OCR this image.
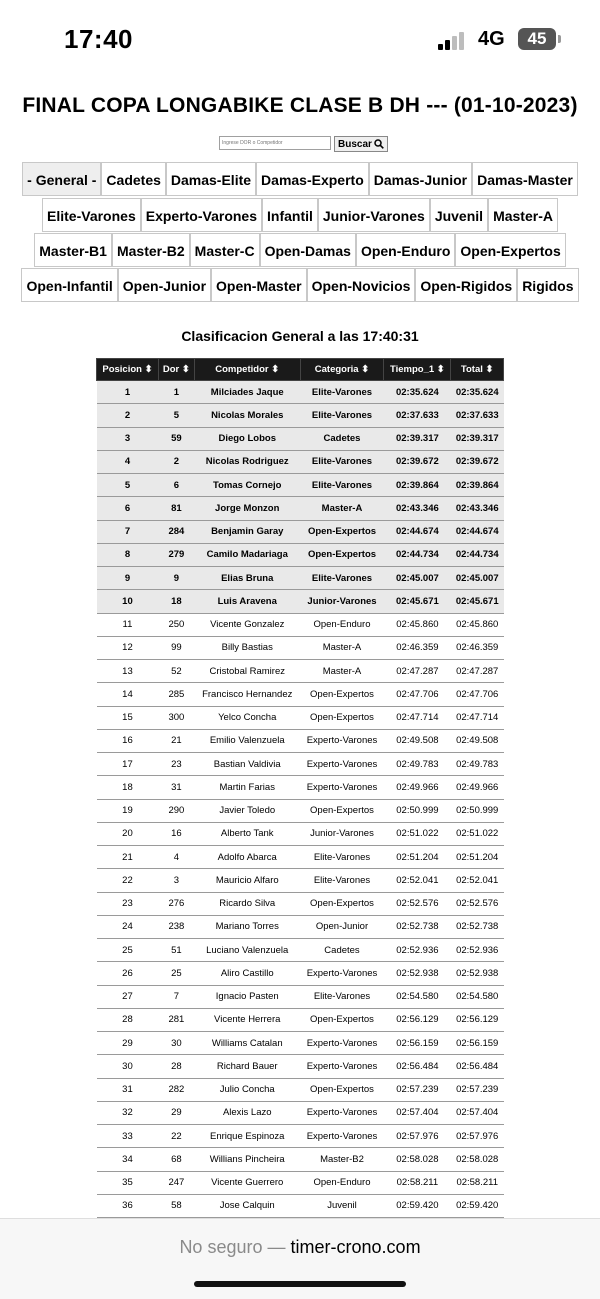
17:40	4G	45
FINAL COPA LONGABIKE CLASE B DH --- (01-10-2023)
Ingrese DOR o Competidor
Buscar
- General - Cadetes Damas-Elite Damas-Experto Damas-Junior Damas-Master
Elite-Varones Experto-Varones Infantil Junior-Varones Juvenil Master-A
Master-B1 Master-B2 Master-C Open-Damas Open-Enduro Open-Expertos
Open-Infantil Open-Junior Open-Master Open-Novicios Open-Rigidos Rigidos
Clasificacion General a las 17:40:31
Posicion ⬍	Dor ⬍	Competidor ⬍	Categoria ⬍	Tiempo_1 ⬍	Total ⬍
1	1	Milciades Jaque	Elite-Varones	02:35.624	02:35.624
2	5	Nicolas Morales	Elite-Varones	02:37.633	02:37.633
3	59	Diego Lobos	Cadetes	02:39.317	02:39.317
4	2	Nicolas Rodriguez	Elite-Varones	02:39.672	02:39.672
5	6	Tomas Cornejo	Elite-Varones	02:39.864	02:39.864
6	81	Jorge Monzon	Master-A	02:43.346	02:43.346
7	284	Benjamin Garay	Open-Expertos	02:44.674	02:44.674
8	279	Camilo Madariaga	Open-Expertos	02:44.734	02:44.734
9	9	Elias Bruna	Elite-Varones	02:45.007	02:45.007
10	18	Luis Aravena	Junior-Varones	02:45.671	02:45.671
11	250	Vicente Gonzalez	Open-Enduro	02:45.860	02:45.860
12	99	Billy Bastias	Master-A	02:46.359	02:46.359
13	52	Cristobal Ramirez	Master-A	02:47.287	02:47.287
14	285	Francisco Hernandez	Open-Expertos	02:47.706	02:47.706
15	300	Yelco Concha	Open-Expertos	02:47.714	02:47.714
16	21	Emilio Valenzuela	Experto-Varones	02:49.508	02:49.508
17	23	Bastian Valdivia	Experto-Varones	02:49.783	02:49.783
18	31	Martin Farias	Experto-Varones	02:49.966	02:49.966
19	290	Javier Toledo	Open-Expertos	02:50.999	02:50.999
20	16	Alberto Tank	Junior-Varones	02:51.022	02:51.022
21	4	Adolfo Abarca	Elite-Varones	02:51.204	02:51.204
22	3	Mauricio Alfaro	Elite-Varones	02:52.041	02:52.041
23	276	Ricardo Silva	Open-Expertos	02:52.576	02:52.576
24	238	Mariano Torres	Open-Junior	02:52.738	02:52.738
25	51	Luciano Valenzuela	Cadetes	02:52.936	02:52.936
26	25	Aliro Castillo	Experto-Varones	02:52.938	02:52.938
27	7	Ignacio Pasten	Elite-Varones	02:54.580	02:54.580
28	281	Vicente Herrera	Open-Expertos	02:56.129	02:56.129
29	30	Williams Catalan	Experto-Varones	02:56.159	02:56.159
30	28	Richard Bauer	Experto-Varones	02:56.484	02:56.484
31	282	Julio Concha	Open-Expertos	02:57.239	02:57.239
32	29	Alexis Lazo	Experto-Varones	02:57.404	02:57.404
33	22	Enrique Espinoza	Experto-Varones	02:57.976	02:57.976
34	68	Willians Pincheira	Master-B2	02:58.028	02:58.028
35	247	Vicente Guerrero	Open-Enduro	02:58.211	02:58.211
36	58	Jose Calquin	Juvenil	02:59.420	02:59.420
No seguro — timer-crono.com
